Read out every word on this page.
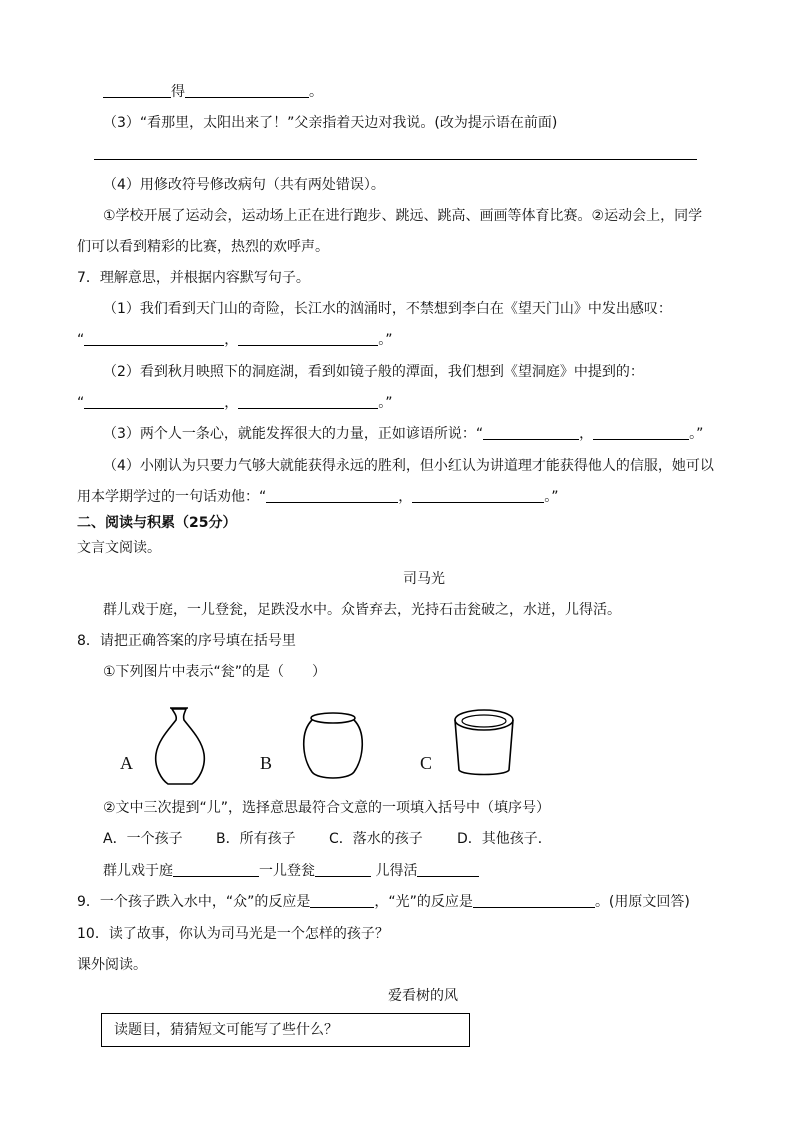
得	。
（3）“看那里，太阳出来了！”父亲指着天边对我说。(改为提示语在前面)
（4）用修改符号修改病句（共有两处错误）。
①学校开展了运动会，运动场上正在进行跑步、跳远、跳高、画画等体育比赛。②运动会上，同学
们可以看到精彩的比赛，热烈的欢呼声。
7．理解意思，并根据内容默写句子。
（1）我们看到天门山的奇险，长江水的汹涌时，不禁想到李白在《望天门山》中发出感叹：
“	，	。”
（2）看到秋月映照下的洞庭湖，看到如镜子般的潭面，我们想到《望洞庭》中提到的：
“	，	。”
（3）两个人一条心，就能发挥很大的力量，正如谚语所说：“	，	。”
（4）小刚认为只要力气够大就能获得永远的胜利，但小红认为讲道理才能获得他人的信服，她可以
用本学期学过的一句话劝他：“	，	。”
二、阅读与积累（25分）
文言文阅读。
司马光
群儿戏于庭，一儿登瓮，足跌没水中。众皆弃去，光持石击瓮破之，水迸，儿得活。
8．请把正确答案的序号填在括号里
①下列图片中表示“瓮”的是（　　）
A	B	C
②文中三次提到“儿”，选择意思最符合文意的一项填入括号中（填序号）
A．一个孩子 B．所有孩子 C．落水的孩子 D．其他孩子．
群儿戏于庭	一儿登瓮	儿得活
9．一个孩子跌入水中，“众”的反应是	，“光”的反应是	。(用原文回答)
10．读了故事，你认为司马光是一个怎样的孩子？
课外阅读。
爱看树的风
读题目，猜猜短文可能写了些什么？
